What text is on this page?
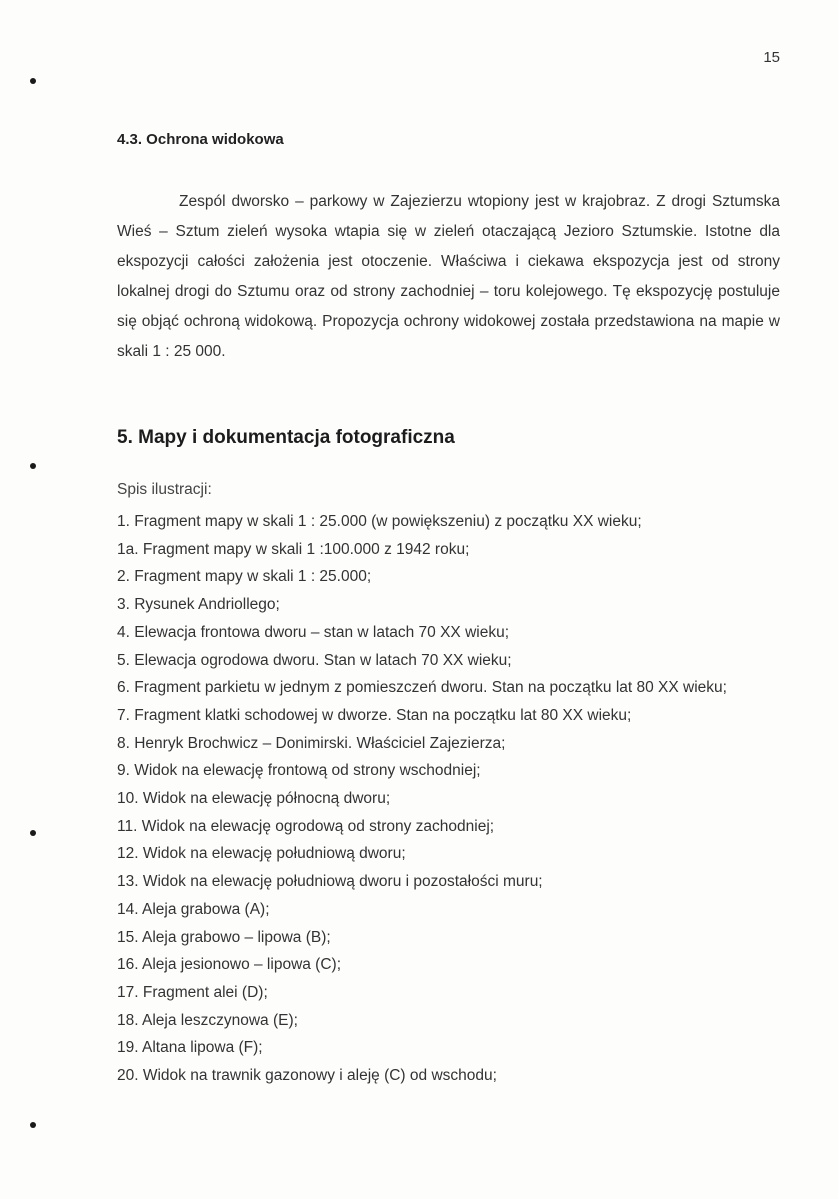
15
4.3. Ochrona widokowa
Zespól dworsko – parkowy w Zajezierzu wtopiony jest w krajobraz. Z drogi Sztumska Wieś – Sztum zieleń wysoka wtapia się w zieleń otaczającą Jezioro Sztumskie. Istotne dla ekspozycji całości założenia jest otoczenie. Właściwa i ciekawa ekspozycja jest od strony lokalnej drogi do Sztumu oraz od strony zachodniej – toru kolejowego. Tę ekspozycję postuluje się objąć ochroną widokową. Propozycja ochrony widokowej została przedstawiona na mapie w skali 1 : 25 000.
5. Mapy i dokumentacja fotograficzna
Spis ilustracji:
1. Fragment mapy w skali 1 : 25.000 (w powiększeniu) z początku XX wieku;
1a. Fragment mapy w skali 1 :100.000 z 1942 roku;
2. Fragment mapy w skali 1 : 25.000;
3. Rysunek Andriollego;
4. Elewacja frontowa dworu – stan w latach 70 XX wieku;
5. Elewacja ogrodowa dworu. Stan w latach 70 XX wieku;
6. Fragment parkietu w jednym z pomieszczeń dworu. Stan na początku lat 80 XX wieku;
7. Fragment klatki schodowej w dworze. Stan na początku lat 80 XX wieku;
8. Henryk Brochwicz – Donimirski. Właściciel Zajezierza;
9. Widok na elewację frontową od strony wschodniej;
10. Widok na elewację północną dworu;
11. Widok na elewację ogrodową od strony zachodniej;
12. Widok na elewację południową dworu;
13. Widok na elewację południową dworu i pozostałości muru;
14. Aleja grabowa (A);
15. Aleja grabowo – lipowa (B);
16. Aleja jesionowo – lipowa (C);
17. Fragment alei (D);
18. Aleja leszczynowa (E);
19. Altana lipowa (F);
20. Widok na trawnik gazonowy i aleję (C) od wschodu;
